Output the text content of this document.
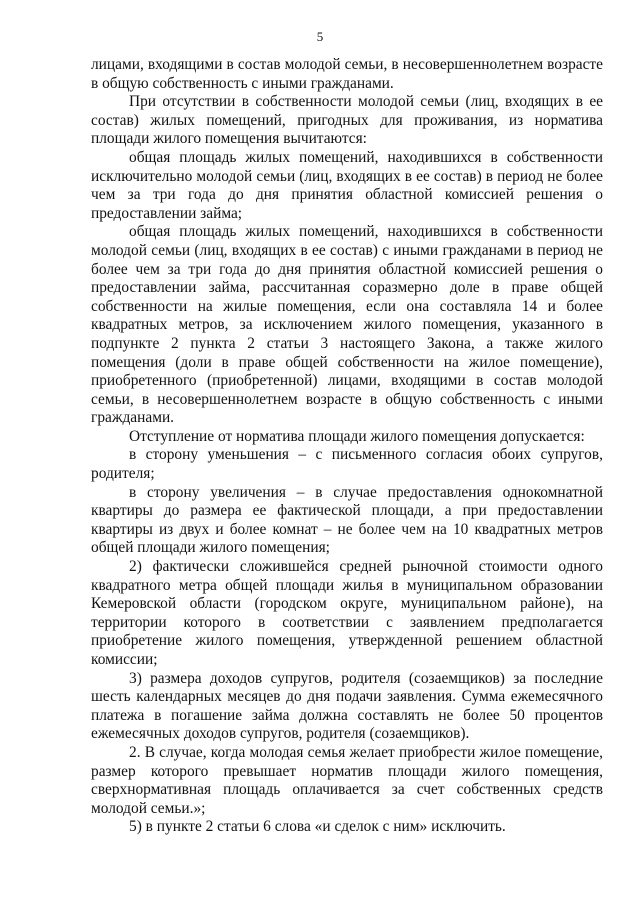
5
лицами, входящими в состав молодой семьи, в несовершеннолетнем возрасте
в общую собственность с иными гражданами.
При отсутствии в собственности молодой семьи (лиц, входящих в ее
состав) жилых помещений, пригодных для проживания, из норматива
площади жилого помещения вычитаются:
общая площадь жилых помещений, находившихся в собственности
исключительно молодой семьи (лиц, входящих в ее состав) в период не более
чем за три года до дня принятия областной комиссией решения о
предоставлении займа;
общая площадь жилых помещений, находившихся в собственности
молодой семьи (лиц, входящих в ее состав) с иными гражданами в период не
более чем за три года до дня принятия областной комиссией решения о
предоставлении займа, рассчитанная соразмерно доле в праве общей
собственности на жилые помещения, если она составляла 14 и более
квадратных метров, за исключением жилого помещения, указанного в
подпункте 2 пункта 2 статьи 3 настоящего Закона, а также жилого
помещения (доли в праве общей собственности на жилое помещение),
приобретенного (приобретенной) лицами, входящими в состав молодой
семьи, в несовершеннолетнем возрасте в общую собственность с иными
гражданами.
Отступление от норматива площади жилого помещения допускается:
в сторону уменьшения – с письменного согласия обоих супругов,
родителя;
в сторону увеличения – в случае предоставления однокомнатной
квартиры до размера ее фактической площади, а при предоставлении
квартиры из двух и более комнат – не более чем на 10 квадратных метров
общей площади жилого помещения;
2) фактически сложившейся средней рыночной стоимости одного
квадратного метра общей площади жилья в муниципальном образовании
Кемеровской области (городском округе, муниципальном районе), на
территории которого в соответствии с заявлением предполагается
приобретение жилого помещения, утвержденной решением областной
комиссии;
3) размера доходов супругов, родителя (созаемщиков) за последние
шесть календарных месяцев до дня подачи заявления. Сумма ежемесячного
платежа в погашение займа должна составлять не более 50 процентов
ежемесячных доходов супругов, родителя (созаемщиков).
2. В случае, когда молодая семья желает приобрести жилое помещение,
размер которого превышает норматив площади жилого помещения,
сверхнормативная площадь оплачивается за счет собственных средств
молодой семьи.»;
5) в пункте 2 статьи 6 слова «и сделок с ним» исключить.
